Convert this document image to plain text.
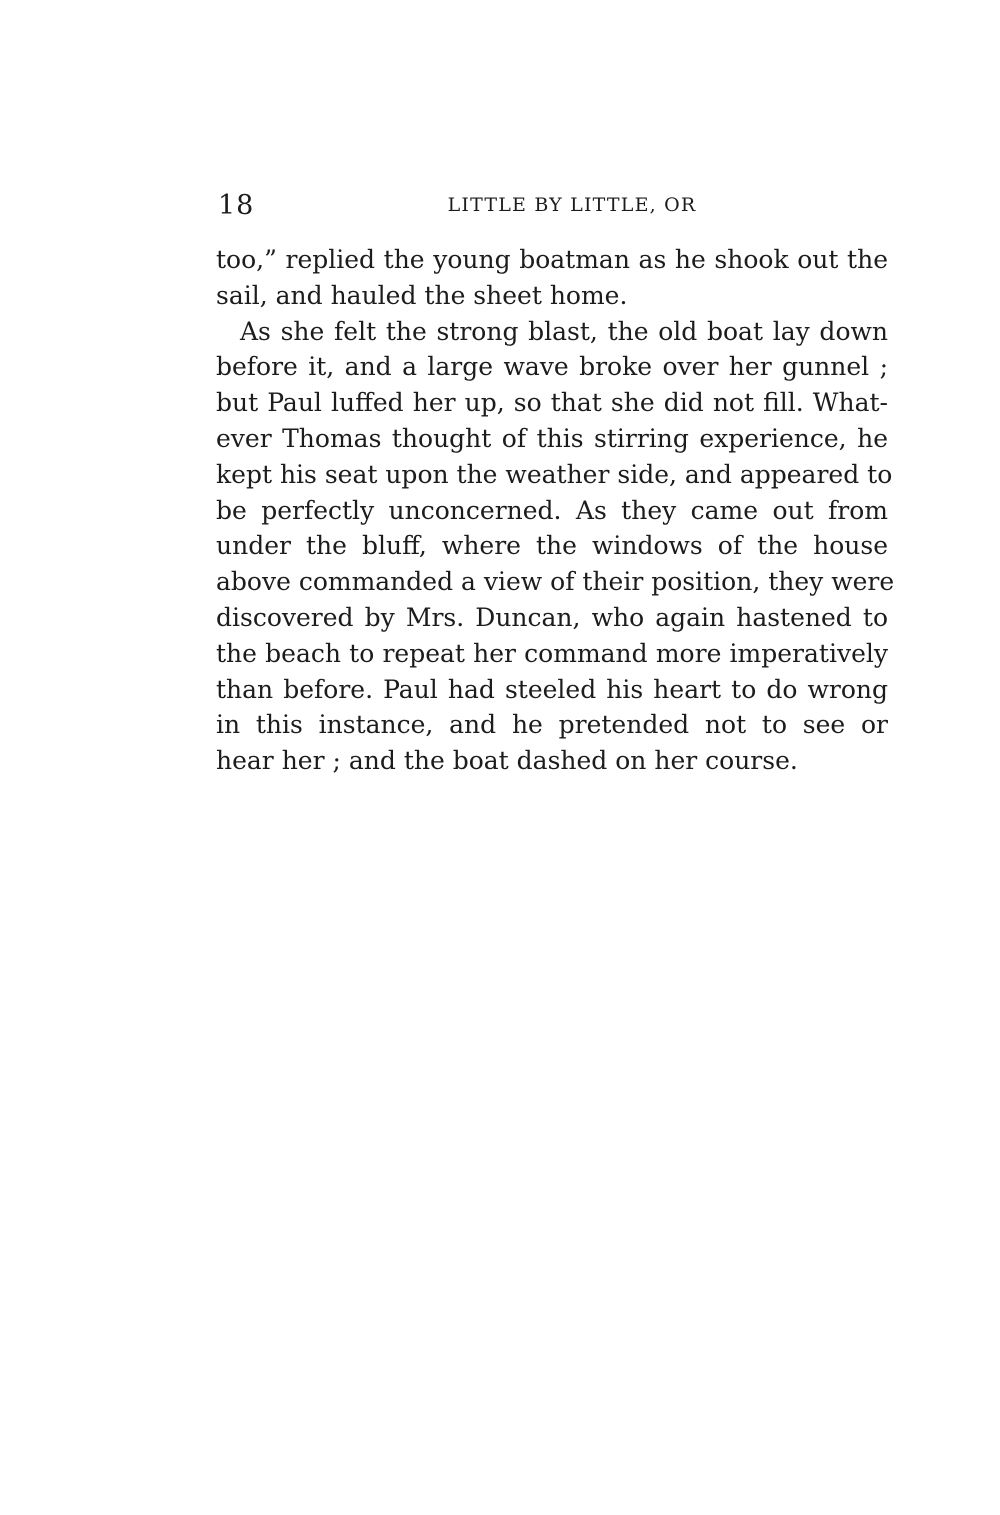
18	LITTLE BY LITTLE, OR
too,” replied the young boatman as he shook out the
sail, and hauled the sheet home.
As she felt the strong blast, the old boat lay down
before it, and a large wave broke over her gunnel ;
but Paul luffed her up, so that she did not fill. What-
ever Thomas thought of this stirring experience, he
kept his seat upon the weather side, and appeared to
be perfectly unconcerned. As they came out from
under the bluff, where the windows of the house
above commanded a view of their position, they were
discovered by Mrs. Duncan, who again hastened to
the beach to repeat her command more imperatively
than before. Paul had steeled his heart to do wrong
in this instance, and he pretended not to see or
hear her ; and the boat dashed on her course.
